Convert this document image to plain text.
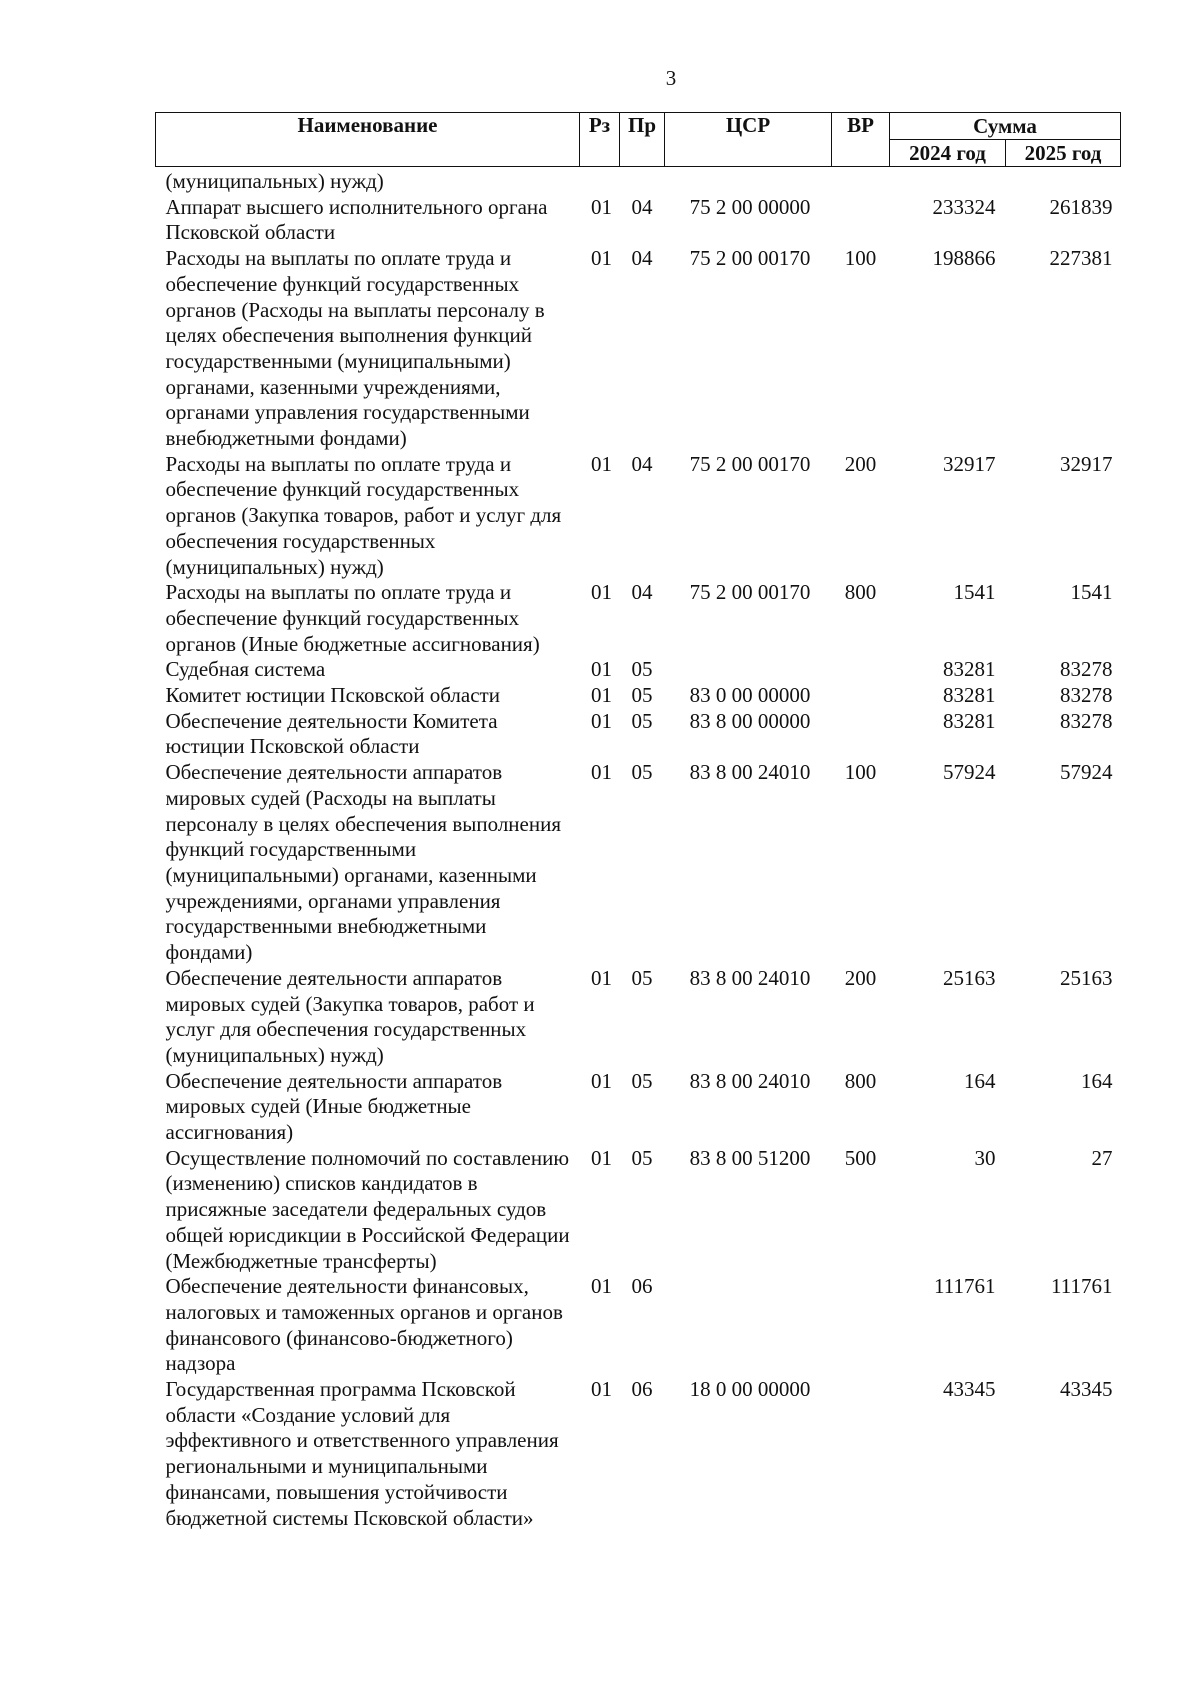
3
Наименование	Рз	Пр	ЦСР	ВР	Сумма	
					2024 год	2025 год
(муниципальных) нужд)						
Аппарат высшего исполнительного органа Псковской области	01	04	75 2 00 00000		233324	261839
Расходы на выплаты по оплате труда и обеспечение функций государственных органов (Расходы на выплаты персоналу в целях обеспечения выполнения функций государственными (муниципальными) органами, казенными учреждениями, органами управления государственными внебюджетными фондами)	01	04	75 2 00 00170	100	198866	227381
Расходы на выплаты по оплате труда и обеспечение функций государственных органов (Закупка товаров, работ и услуг для обеспечения государственных (муниципальных) нужд)	01	04	75 2 00 00170	200	32917	32917
Расходы на выплаты по оплате труда и обеспечение функций государственных органов (Иные бюджетные ассигнования)	01	04	75 2 00 00170	800	1541	1541
Судебная система	01	05			83281	83278
Комитет юстиции Псковской области	01	05	83 0 00 00000		83281	83278
Обеспечение деятельности Комитета юстиции Псковской области	01	05	83 8 00 00000		83281	83278
Обеспечение деятельности аппаратов мировых судей (Расходы на выплаты персоналу в целях обеспечения выполнения функций государственными (муниципальными) органами, казенными учреждениями, органами управления государственными внебюджетными фондами)	01	05	83 8 00 24010	100	57924	57924
Обеспечение деятельности аппаратов мировых судей (Закупка товаров, работ и услуг для обеспечения государственных (муниципальных) нужд)	01	05	83 8 00 24010	200	25163	25163
Обеспечение деятельности аппаратов мировых судей (Иные бюджетные ассигнования)	01	05	83 8 00 24010	800	164	164
Осуществление полномочий по составлению (изменению) списков кандидатов в присяжные заседатели федеральных судов общей юрисдикции в Российской Федерации (Межбюджетные трансферты)	01	05	83 8 00 51200	500	30	27
Обеспечение деятельности финансовых, налоговых и таможенных органов и органов финансового (финансово-бюджетного) надзора	01	06			111761	111761
Государственная программа Псковской области «Создание условий для эффективного и ответственного управления региональными и муниципальными финансами, повышения устойчивости бюджетной системы Псковской области»	01	06	18 0 00 00000		43345	43345
